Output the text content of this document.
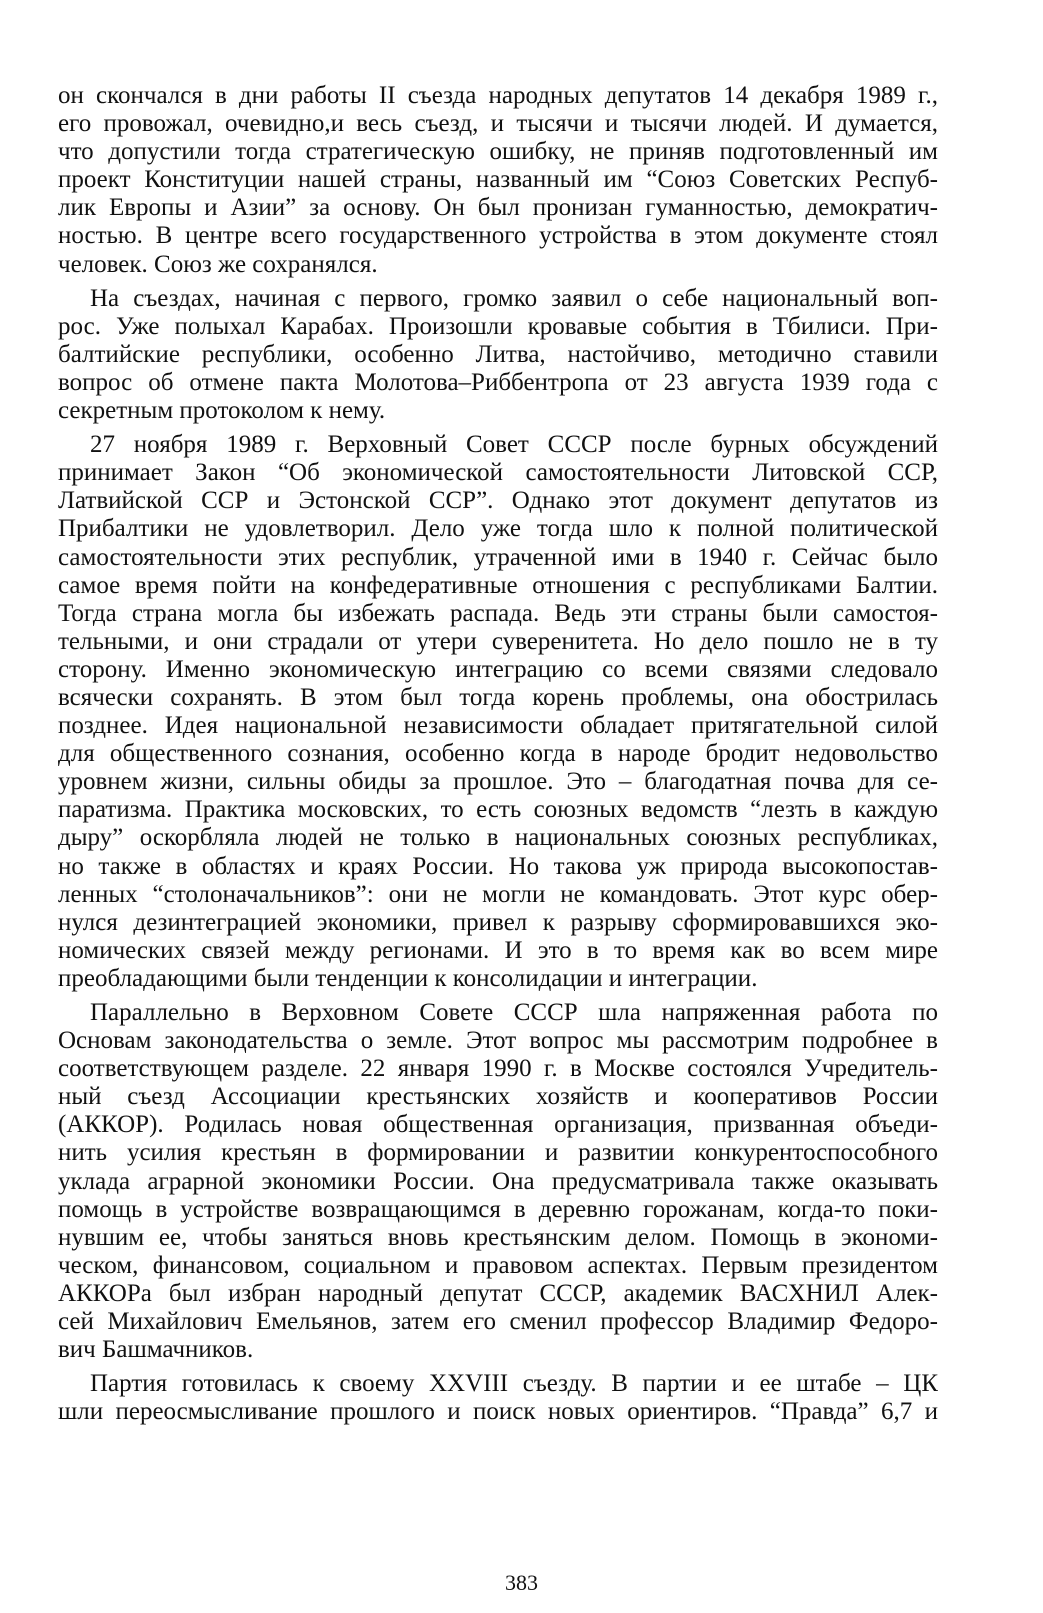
он скончался в дни работы II съезда народных депутатов 14 декабря 1989 г.,
его провожал, очевидно,и весь съезд, и тысячи и тысячи людей. И думается,
что допустили тогда стратегическую ошибку, не приняв подготовленный им
проект Конституции нашей страны, названный им “Союз Советских Респуб-
лик Европы и Азии” за основу. Он был пронизан гуманностью, демократич-
ностью. В центре всего государственного устройства в этом документе стоял
человек. Союз же сохранялся.
На съездах, начиная с первого, громко заявил о себе национальный воп-
рос. Уже полыхал Карабах. Произошли кровавые события в Тбилиси. При-
балтийские республики, особенно Литва, настойчиво, методично ставили
вопрос об отмене пакта Молотова–Риббентропа от 23 августа 1939 года с
секретным протоколом к нему.
27 ноября 1989 г. Верховный Совет СССР после бурных обсуждений
принимает Закон “Об экономической самостоятельности Литовской ССР,
Латвийской ССР и Эстонской ССР”. Однако этот документ депутатов из
Прибалтики не удовлетворил. Дело уже тогда шло к полной политической
самостоятельности этих республик, утраченной ими в 1940 г. Сейчас было
самое время пойти на конфедеративные отношения с республиками Балтии.
Тогда страна могла бы избежать распада. Ведь эти страны были самостоя-
тельными, и они страдали от утери суверенитета. Но дело пошло не в ту
сторону. Именно экономическую интеграцию со всеми связями следовало
всячески сохранять. В этом был тогда корень проблемы, она обострилась
позднее. Идея национальной независимости обладает притягательной силой
для общественного сознания, особенно когда в народе бродит недовольство
уровнем жизни, сильны обиды за прошлое. Это – благодатная почва для се-
паратизма. Практика московских, то есть союзных ведомств “лезть в каждую
дыру” оскорбляла людей не только в национальных союзных республиках,
но также в областях и краях России. Но такова уж природа высокопостав-
ленных “столоначальников”: они не могли не командовать. Этот курс обер-
нулся дезинтеграцией экономики, привел к разрыву сформировавшихся эко-
номических связей между регионами. И это в то время как во всем мире
преобладающими были тенденции к консолидации и интеграции.
Параллельно в Верховном Совете СССР шла напряженная работа по
Основам законодательства о земле. Этот вопрос мы рассмотрим подробнее в
соответствующем разделе. 22 января 1990 г. в Москве состоялся Учредитель-
ный съезд Ассоциации крестьянских хозяйств и кооперативов России
(АККОР). Родилась новая общественная организация, призванная объеди-
нить усилия крестьян в формировании и развитии конкурентоспособного
уклада аграрной экономики России. Она предусматривала также оказывать
помощь в устройстве возвращающимся в деревню горожанам, когда-то поки-
нувшим ее, чтобы заняться вновь крестьянским делом. Помощь в экономи-
ческом, финансовом, социальном и правовом аспектах. Первым президентом
АККОРа был избран народный депутат СССР, академик ВАСХНИЛ Алек-
сей Михайлович Емельянов, затем его сменил профессор Владимир Федоро-
вич Башмачников.
Партия готовилась к своему XXVIII съезду. В партии и ее штабе – ЦК
шли переосмысливание прошлого и поиск новых ориентиров. “Правда” 6,7 и
383
